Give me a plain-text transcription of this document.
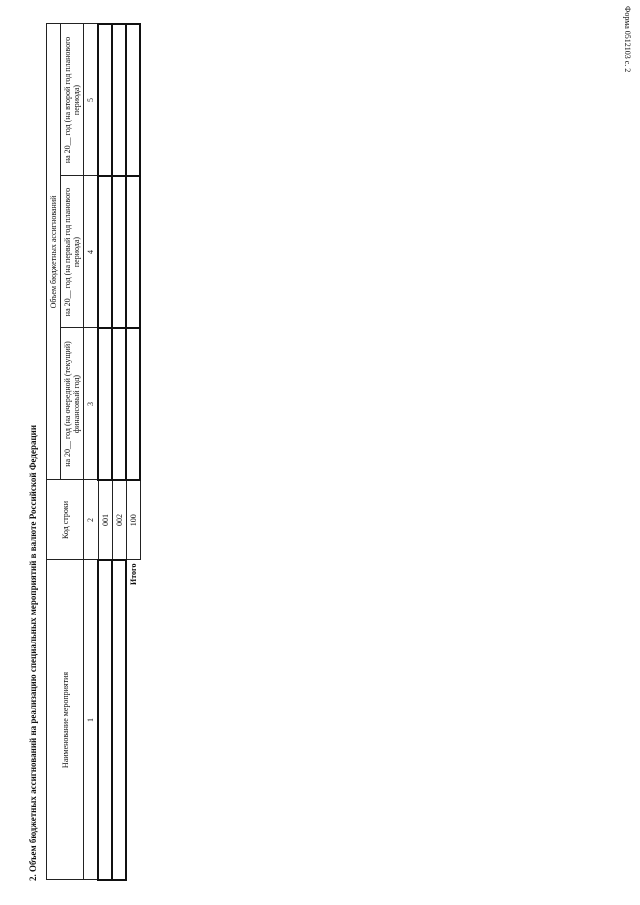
Форма 0512103 с. 2
2. Объем бюджетных ассигнований на реализацию специальных мероприятий в валюте Российской Федерации	Наименование мероприятия	Код строки	Объем бюджетных ассигнований		
		на 20__ год (на очередной (текущий) финансовый год)	на 20__ год (на первый год планового периода)	на 20__ год (на второй год планового периода)
1	2	3	4	5
	001			
	002			
Итого	100			
